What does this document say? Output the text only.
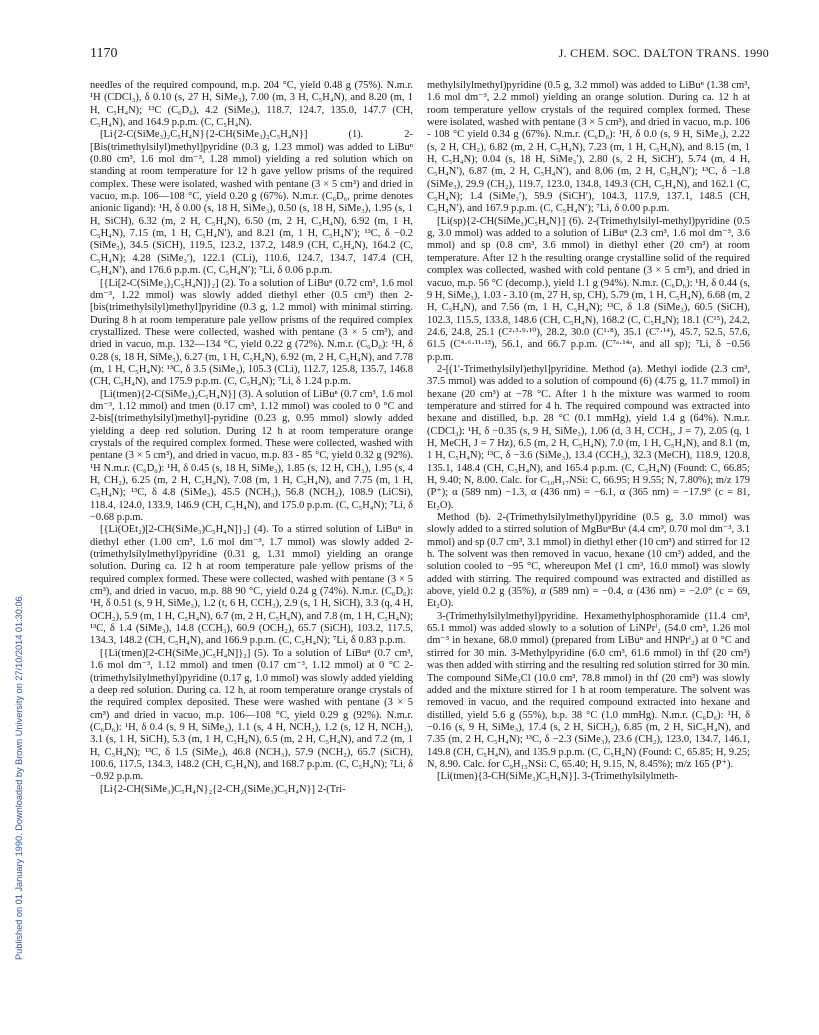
1170	J. CHEM. SOC. DALTON TRANS. 1990
Published on 01 January 1990. Downloaded by Brown University on 27/10/2014 01:30:06.

needles of the required compound, m.p. 204 °C, yield 0.48 g (75%). N.m.r. ¹H (CDCl₃), δ 0.10 (s, 27 H, SiMe₃), 7.00 (m, 3 H, C₅H₄N), and 8.20 (m, 1 H, C₅H₄N); ¹³C (C₆D₆), 4.2 (SiMe₃), 118.7, 124.7, 135.0, 147.7 (CH, C₅H₄N), and 164.9 p.p.m. (C, C₅H₄N).

[Li{2-C(SiMe₃)₂C₅H₄N}{2-CH(SiMe₃)₂C₅H₄N}] (1). 2-[Bis(trimethylsilyl)methyl]pyridine (0.3 g, 1.23 mmol) was added to LiBuⁿ (0.80 cm³, 1.6 mol dm⁻³, 1.28 mmol) yielding a red solution which on standing at room temperature for 12 h gave yellow prisms of the required complex. These were isolated, washed with pentane (3 × 5 cm³) and dried in vacuo, m.p. 106—108 °C, yield 0.20 g (67%). N.m.r. (C₆D₆, prime denotes anionic ligand): ¹H, δ 0.00 (s, 18 H, SiMe₃), 0.50 (s, 18 H, SiMe₃), 1.95 (s, 1 H, SiCH), 6.32 (m, 2 H, C₅H₄N), 6.50 (m, 2 H, C₅H₄N), 6.92 (m, 1 H, C₅H₄N), 7.15 (m, 1 H, C₅H₄N′), and 8.21 (m, 1 H, C₅H₄N′); ¹³C, δ −0.2 (SiMe₃), 34.5 (SiCH), 119.5, 123.2, 137.2, 148.9 (CH, C₅H₄N), 164.2 (C, C₅H₄N); 4.28 (SiMe₃′), 122.1 (CLi), 110.6, 124.7, 134.7, 147.4 (CH, C₅H₄N′), and 176.6 p.p.m. (C, C₅H₄N′); ⁷Li, δ 0.06 p.p.m.

[{Li[2-C(SiMe₃)₂C₅H₄N]}₂] (2). To a solution of LiBuⁿ (0.72 cm³, 1.6 mol dm⁻³, 1.22 mmol) was slowly added diethyl ether (0.5 cm³) then 2-[bis(trimethylsilyl)methyl]pyridine (0.3 g, 1.2 mmol) with minimal stirring. During 8 h at room temperature pale yellow prisms of the required complex crystallized. These were collected, washed with pentane (3 × 5 cm³), and dried in vacuo, m.p. 132—134 °C, yield 0.22 g (72%). N.m.r. (C₆D₆): ¹H, δ 0.28 (s, 18 H, SiMe₃), 6.27 (m, 1 H, C₅H₄N), 6.92 (m, 2 H, C₅H₄N), and 7.78 (m, 1 H, C₅H₄N): ¹³C, δ 3.5 (SiMe₃), 105.3 (CLi), 112.7, 125.8, 135.7, 146.8 (CH, C₅H₄N), and 175.9 p.p.m. (C, C₅H₄N); ⁷Li, δ 1.24 p.p.m.

[Li(tmen){2-C(SiMe₃)₂C₅H₄N}] (3). A solution of LiBuⁿ (0.7 cm³, 1.6 mol dm⁻³, 1.12 mmol) and tmen (0.17 cm³, 1.12 mmol) was cooled to 0 °C and 2-bis[(trimethylsilyl)methyl]-pyridine (0.23 g, 0.95 mmol) slowly added yielding a deep red solution. During 12 h at room temperature orange crystals of the required complex formed. These were collected, washed with pentane (3 × 5 cm³), and dried in vacuo, m.p. 83 - 85 °C, yield 0.32 g (92%). ¹H N.m.r. (C₆D₆): ¹H, δ 0.45 (s, 18 H, SiMe₃), 1.85 (s, 12 H, CH₃), 1.95 (s, 4 H, CH₂), 6.25 (m, 2 H, C₅H₄N), 7.08 (m, 1 H, C₅H₄N), and 7.75 (m, 1 H, C₅H₄N); ¹³C, δ 4.8 (SiMe₃), 45.5 (NCH₃), 56.8 (NCH₂), 108.9 (LiCSi), 118.4, 124.0, 133.9, 146.9 (CH, C₅H₄N), and 175.0 p.p.m. (C, C₅H₄N); ⁷Li, δ −0.68 p.p.m.

[{Li(OEt₂)[2-CH(SiMe₃)C₅H₄N]}₂] (4). To a stirred solution of LiBuⁿ in diethyl ether (1.00 cm³, 1.6 mol dm⁻³, 1.7 mmol) was slowly added 2-(trimethylsilylmethyl)pyridine (0.31 g, 1.31 mmol) yielding an orange solution. During ca. 12 h at room temperature pale yellow prisms of the required complex formed. These were collected, washed with pentane (3 × 5 cm³), and dried in vacuo, m.p. 88 90 °C, yield 0.24 g (74%). N.m.r. (C₆D₆): ¹H, δ 0.51 (s, 9 H, SiMe₃), 1.2 (t, 6 H, CCH₃), 2.9 (s, 1 H, SiCH), 3.3 (q, 4 H, OCH₂), 5.9 (m, 1 H, C₅H₄N), 6.7 (m, 2 H, C₅H₄N), and 7.8 (m, 1 H, C₅H₄N); ¹³C, δ 1.4 (SiMe₃), 14.8 (CCH₃), 60.9 (OCH₂), 65.7 (SiCH), 103.2, 117.5, 134.3, 148.2 (CH, C₅H₄N), and 166.9 p.p.m. (C, C₅H₄N); ⁷Li, δ 0.83 p.p.m.

[{Li(tmen)[2-CH(SiMe₃)C₅H₄N]}₂] (5). To a solution of LiBuⁿ (0.7 cm³, 1.6 mol dm⁻³, 1.12 mmol) and tmen (0.17 cm⁻³, 1.12 mmol) at 0 °C 2-(trimethylsilylmethyl)pyridine (0.17 g, 1.0 mmol) was slowly added yielding a deep red solution. During ca. 12 h, at room temperature orange crystals of the required complex deposited. These were washed with pentane (3 × 5 cm³) and dried in vacuo, m.p. 106—108 °C, yield 0.29 g (92%). N.m.r. (C₆D₆): ¹H, δ 0.4 (s, 9 H, SiMe₃), 1.1 (s, 4 H, NCH₂), 1.2 (s, 12 H, NCH₃), 3.1 (s, 1 H, SiCH), 5.3 (m, 1 H, C₅H₄N), 6.5 (m, 2 H, C₅H₄N), and 7.2 (m, 1 H, C₅H₄N); ¹³C, δ 1.5 (SiMe₃), 46.8 (NCH₃), 57.9 (NCH₂), 65.7 (SiCH), 100.6, 117.5, 134.3, 148.2 (CH, C₅H₄N), and 168.7 p.p.m. (C, C₅H₄N); ⁷Li, δ −0.92 p.p.m.

[Li{2-CH(SiMe₃)C₅H₄N}₂{2-CH₂(SiMe₃)C₅H₄N}] 2-(Tri-

methylsilylmethyl)pyridine (0.5 g, 3.2 mmol) was added to LiBuⁿ (1.38 cm³, 1.6 mol dm⁻³, 2.2 mmol) yielding an orange solution. During ca. 12 h at room temperature yellow crystals of the required complex formed. These were isolated, washed with pentane (3 × 5 cm³), and dried in vacuo, m.p. 106 - 108 °C yield 0.34 g (67%). N.m.r. (C₆D₆): ¹H, δ 0.0 (s, 9 H, SiMe₃), 2.22 (s, 2 H, CH₂), 6.82 (m, 2 H, C₅H₄N), 7.23 (m, 1 H, C₅H₄N), and 8.15 (m, 1 H, C₅H₄N); 0.04 (s, 18 H, SiMe₃′), 2.80 (s, 2 H, SiCH′), 5.74 (m, 4 H, C₅H₄N′), 6.87 (m, 2 H, C₅H₄N′), and 8.06 (m, 2 H, C₅H₄N′); ¹³C, δ −1.8 (SiMe₃), 29.9 (CH₂), 119.7, 123.0, 134.8, 149.3 (CH, C₅H₄N), and 162.1 (C, C₅H₄N); 1.4 (SiMe₃′), 59.9 (SiCH′), 104.3, 117.9, 137.1, 148.5 (CH, C₅H₄N′), and 167.9 p.p.m. (C, C₅H₄N′); ⁷Li, δ 0.00 p.p.m.

[Li(sp){2-CH(SiMe₃)C₅H₄N}] (6). 2-(Trimethylsilyl-methyl)pyridine (0.5 g, 3.0 mmol) was added to a solution of LiBuⁿ (2.3 cm³, 1.6 mol dm⁻³, 3.6 mmol) and sp (0.8 cm³, 3.6 mmol) in diethyl ether (20 cm³) at room temperature. After 12 h the resulting orange crystalline solid of the required complex was collected, washed with cold pentane (3 × 5 cm³), and dried in vacuo, m.p. 56 °C (decomp.), yield 1.1 g (94%). N.m.r. (C₆D₆): ¹H, δ 0.44 (s, 9 H, SiMe₃), 1.03 - 3.10 (m, 27 H, sp, CH), 5.79 (m, 1 H, C₅H₄N), 6.68 (m, 2 H, C₅H₄N), and 7.56 (m, 1 H, C₅H₄N); ¹³C, δ 1.8 (SiMe₃), 60.5 (SiCH), 102.3, 115.5, 133.8, 148.6 (CH, C₅H₄N), 168.2 (C, C₅H₄N); 18.1 (C¹⁵), 24.2, 24.6, 24.8, 25.1 (C²·³·⁹·¹⁰), 28.2, 30.0 (C¹·⁸), 35.1 (C⁷·¹⁴), 45.7, 52.5, 57.6, 61.5 (C⁴·⁶·¹¹·¹³), 56.1, and 66.7 p.p.m. (C⁷ᵃ·¹⁴ᵃ, and all sp); ⁷Li, δ −0.56 p.p.m.

2-[(1′-Trimethylsilyl)ethyl]pyridine. Method (a). Methyl iodide (2.3 cm³, 37.5 mmol) was added to a solution of compound (6) (4.75 g, 11.7 mmol) in hexane (20 cm³) at −78 °C. After 1 h the mixture was warmed to room temperature and stirred for 4 h. The required compound was extracted into hexane and distilled, b.p. 28 °C (0.1 mmHg), yield 1.4 g (64%). N.m.r. (CDCl₃): ¹H, δ −0.35 (s, 9 H, SiMe₃), 1.06 (d, 3 H, CCH₃, J = 7), 2.05 (q, 1 H, MeCH, J = 7 Hz), 6.5 (m, 2 H, C₅H₄N), 7.0 (m, 1 H, C₅H₄N), and 8.1 (m, 1 H, C₅H₄N); ¹³C, δ −3.6 (SiMe₃), 13.4 (CCH₃), 32.3 (MeCH), 118.9, 120.8, 135.1, 148.4 (CH, C₅H₄N), and 165.4 p.p.m. (C, C₅H₄N) (Found: C, 66.85; H, 9.40; N, 8.00. Calc. for C₁₀H₁₇NSi: C, 66.95; H 9.55; N, 7.80%); m/z 179 (P⁺); α (589 nm) −1.3, α (436 nm) = −6.1, α (365 nm) = −17.9° (c = 81, Et₂O).

Method (b). 2-(Trimethylsilylmethyl)pyridine (0.5 g, 3.0 mmol) was slowly added to a stirred solution of MgBuⁿBuˢ (4.4 cm³, 0.70 mol dm⁻³, 3.1 mmol) and sp (0.7 cm³, 3.1 mmol) in diethyl ether (10 cm³) and stirred for 12 h. The solvent was then removed in vacuo, hexane (10 cm³) added, and the solution cooled to −95 °C, whereupon MeI (1 cm³, 16.0 mmol) was slowly added with stirring. The required compound was extracted and distilled as above, yield 0.2 g (35%), α (589 nm) = −0.4, α (436 nm) = −2.0° (c = 69, Et₂O).

3-(Trimethylsilylmethyl)pyridine. Hexamethylphosphoramide (11.4 cm³, 65.1 mmol) was added slowly to a solution of LiNPrⁱ₂ (54.0 cm³, 1.26 mol dm⁻³ in hexane, 68.0 mmol) (prepared from LiBuⁿ and HNPrⁱ₂) at 0 °C and stirred for 30 min. 3-Methylpyridine (6.0 cm³, 61.6 mmol) in thf (20 cm³) was then added with stirring and the resulting red solution stirred for 30 min. The compound SiMe₃Cl (10.0 cm³, 78.8 mmol) in thf (20 cm³) was slowly added and the mixture stirred for 1 h at room temperature. The solvent was removed in vacuo, and the required compound extracted into hexane and distilled, yield 5.6 g (55%), b.p. 38 °C (1.0 mmHg). N.m.r. (C₆D₆): ¹H, δ −0.16 (s, 9 H, SiMe₃), 17.4 (s, 2 H, SiCH₂), 6.85 (m, 2 H, SiC₅H₄N), and 7.35 (m, 2 H, C₅H₄N); ¹³C, δ −2.3 (SiMe₃), 23.6 (CH₂), 123.0, 134.7, 146.1, 149.8 (CH, C₅H₄N), and 135.9 p.p.m. (C, C₅H₄N) (Found: C, 65.85; H, 9.25; N, 8.90. Calc. for C₉H₁₅NSi: C, 65.40; H, 9.15, N, 8.45%); m/z 165 (P⁺).

[Li(tmen){3-CH(SiMe₃)C₅H₄N}]. 3-(Trimethylsilylmeth-
